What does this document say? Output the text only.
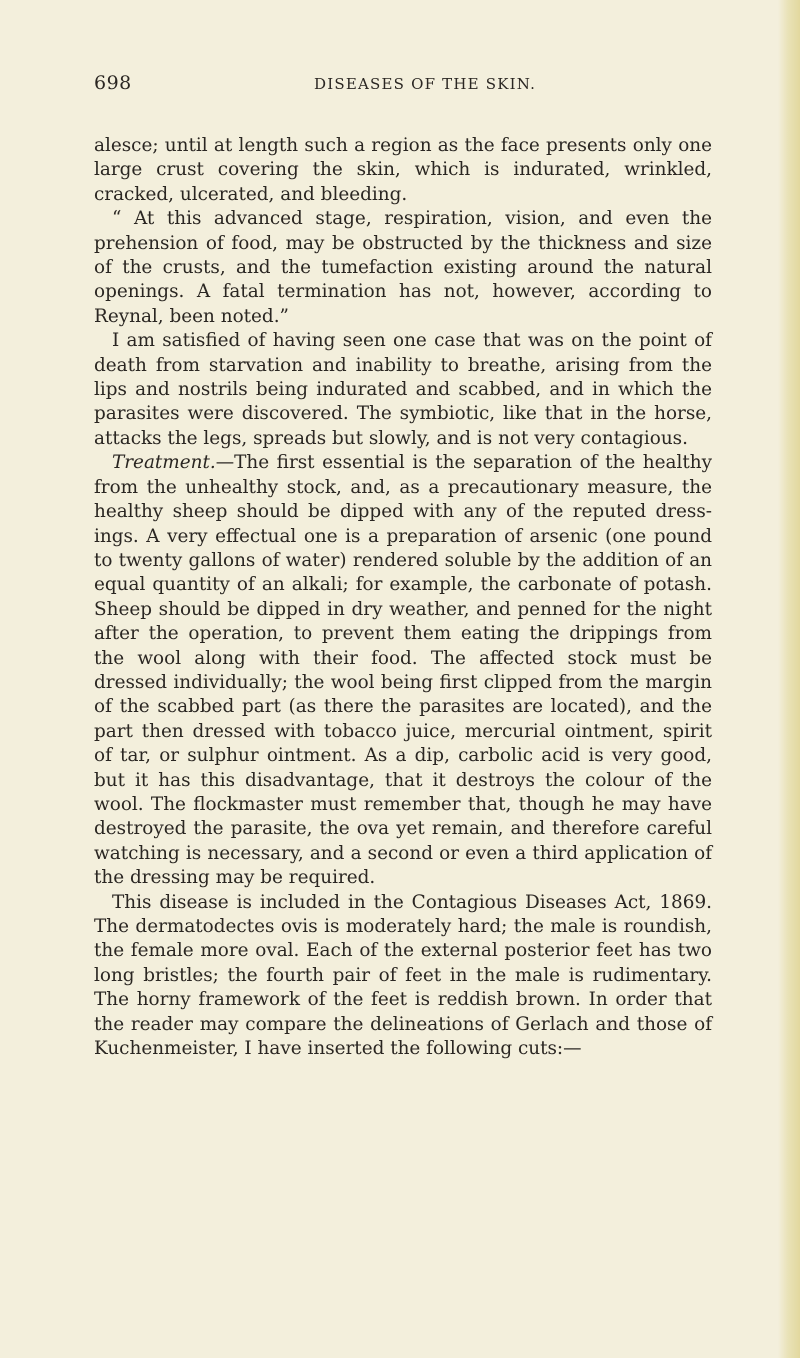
698	DISEASES OF THE SKIN.

alesce; until at length such a region as the face presents only one large crust covering the skin, which is indurated, wrinkled, cracked, ulcerated, and bleeding.

“ At this advanced stage, respiration, vision, and even the prehension of food, may be obstructed by the thickness and size of the crusts, and the tumefaction existing around the natural openings. A fatal termination has not, however, according to Reynal, been noted.”

I am satisfied of having seen one case that was on the point of death from starvation and inability to breathe, arising from the lips and nostrils being indurated and scabbed, and in which the parasites were discovered. The symbiotic, like that in the horse, attacks the legs, spreads but slowly, and is not very contagious.

Treatment.—The first essential is the separation of the healthy from the unhealthy stock, and, as a precautionary measure, the healthy sheep should be dipped with any of the reputed dressings. A very effectual one is a preparation of arsenic (one pound to twenty gallons of water) rendered soluble by the addition of an equal quantity of an alkali; for example, the carbonate of potash. Sheep should be dipped in dry weather, and penned for the night after the operation, to prevent them eating the drippings from the wool along with their food. The affected stock must be dressed individually; the wool being first clipped from the margin of the scabbed part (as there the parasites are located), and the part then dressed with tobacco juice, mercurial ointment, spirit of tar, or sulphur ointment. As a dip, carbolic acid is very good, but it has this disadvantage, that it destroys the colour of the wool. The flockmaster must remember that, though he may have destroyed the parasite, the ova yet remain, and therefore careful watching is necessary, and a second or even a third application of the dressing may be required.

This disease is included in the Contagious Diseases Act, 1869. The dermatodectes ovis is moderately hard; the male is roundish, the female more oval. Each of the external posterior feet has two long bristles; the fourth pair of feet in the male is rudimentary. The horny framework of the feet is reddish brown. In order that the reader may compare the delineations of Gerlach and those of Kuchenmeister, I have inserted the following cuts:—
